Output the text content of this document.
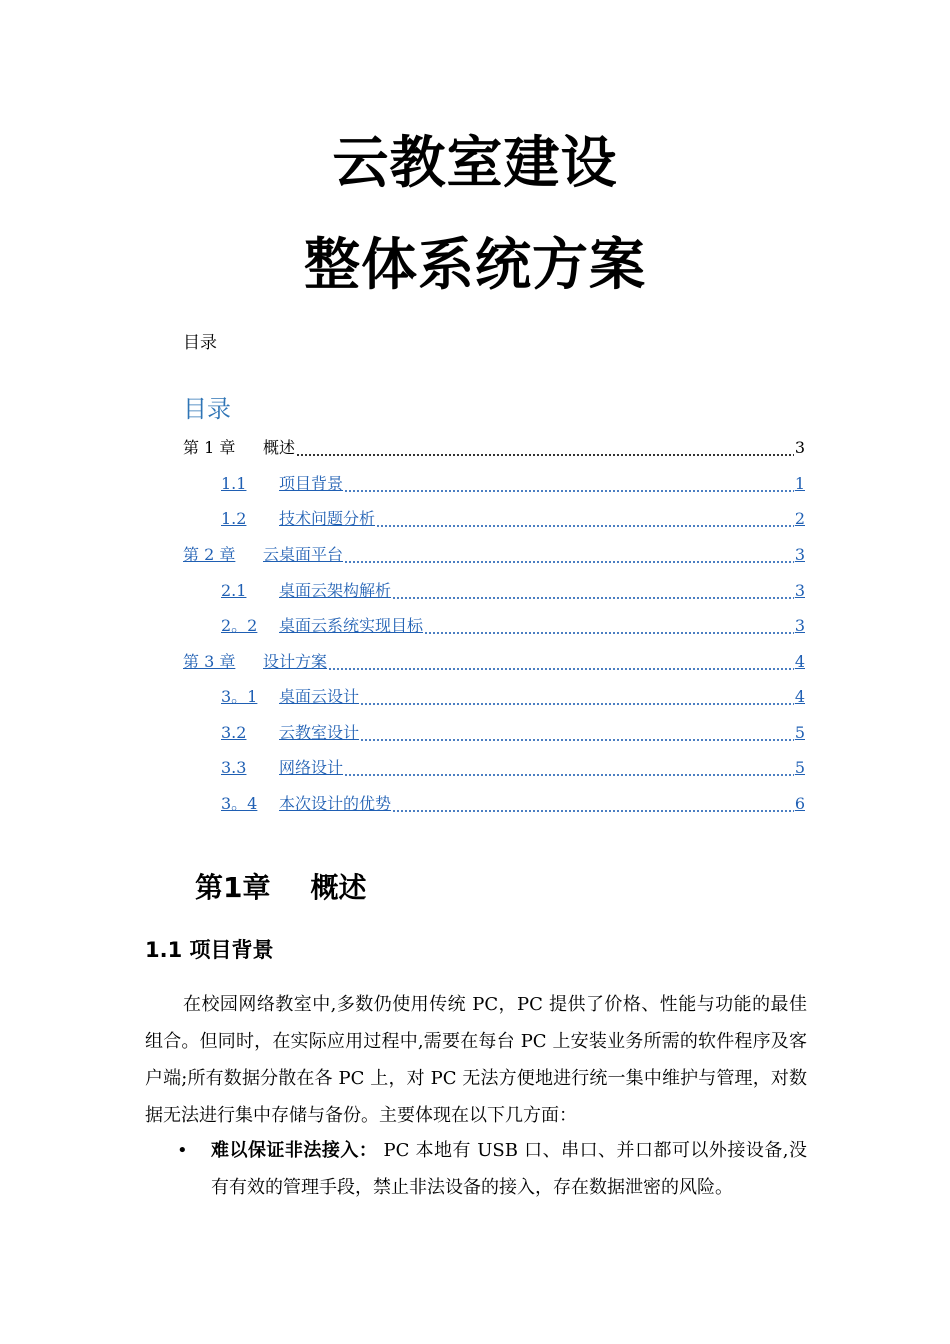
云教室建设
整体系统方案
目录
目录
第 1 章	概述	3
1.1	项目背景	1
1.2	技术问题分析	2
第 2 章	云桌面平台	3
2.1	桌面云架构解析	3
2。2	桌面云系统实现目标	3
第 3 章	设计方案	4
3。1	桌面云设计	4
3.2	云教室设计	5
3.3	网络设计	5
3。4	本次设计的优势	6
第1章 概述
1.1 项目背景
在校园网络教室中,多数仍使用传统 PC，PC 提供了价格、性能与功能的最佳组合。但同时，在实际应用过程中,需要在每台 PC 上安装业务所需的软件程序及客户端;所有数据分散在各 PC 上，对 PC 无法方便地进行统一集中维护与管理，对数据无法进行集中存储与备份。主要体现在以下几方面：
• 难以保证非法接入： PC 本地有 USB 口、串口、并口都可以外接设备,没有有效的管理手段，禁止非法设备的接入，存在数据泄密的风险。
